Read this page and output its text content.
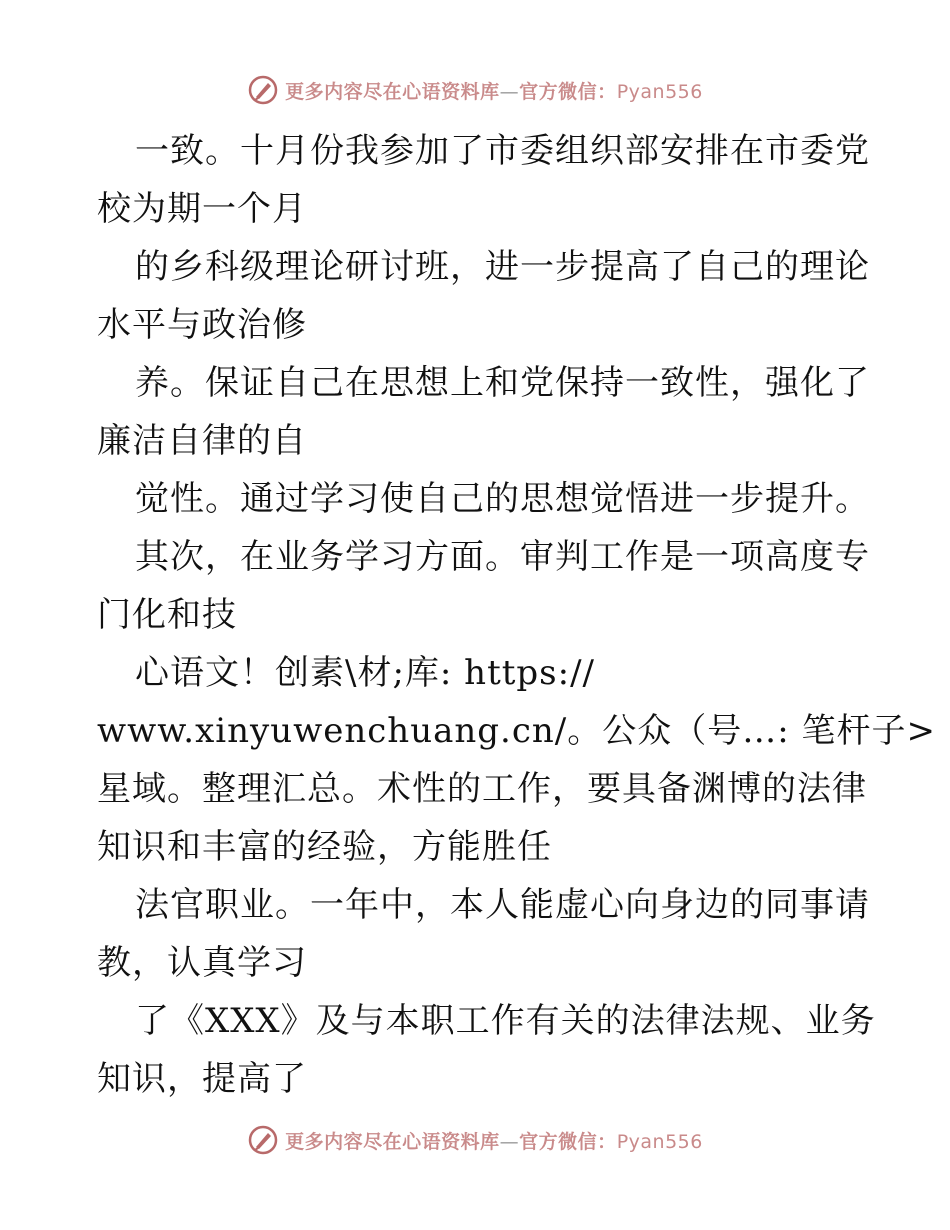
更多内容尽在心语资料库—官方微信：Pyan556
一致。十月份我参加了市委组织部安排在市委党
校为期一个月
的乡科级理论研讨班，进一步提高了自己的理论
水平与政治修
养。保证自己在思想上和党保持一致性，强化了
廉洁自律的自
觉性。通过学习使自己的思想觉悟进一步提升。
其次，在业务学习方面。审判工作是一项高度专
门化和技
心语文！创素\材;库: https://
www.xinyuwenchuang.cn/。公众（号…: 笔杆子>
星域。整理汇总。术性的工作，要具备渊博的法律
知识和丰富的经验，方能胜任
法官职业。一年中，本人能虚心向身边的同事请
教，认真学习
了《XXX》及与本职工作有关的法律法规、业务
知识，提高了
更多内容尽在心语资料库—官方微信：Pyan556
